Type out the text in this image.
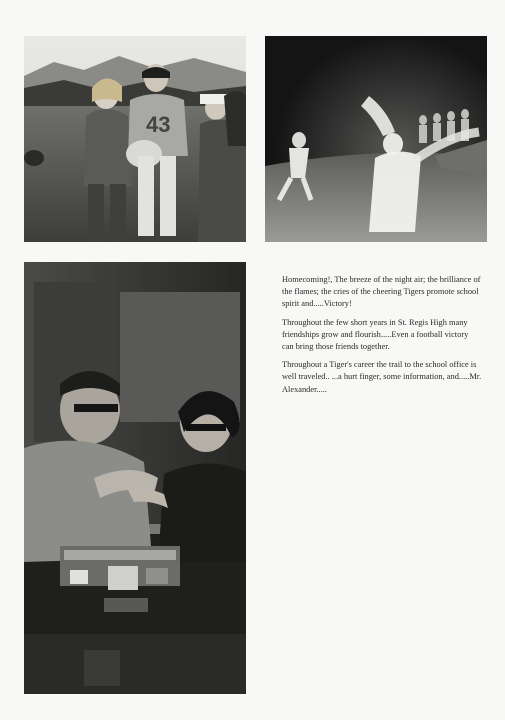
43

Homecoming!, The breeze of the night air; the brilliance of the flames; the cries of the cheering Tigers promote school spirit and.....Victory!

Throughout the few short years in St. Regis High many friendships grow and flourish.....Even a football victory can bring those friends together.

Throughout a Tiger's career the trail to the school office is well traveled.. ...a hurt finger, some information, and.....Mr. Alexander.....
